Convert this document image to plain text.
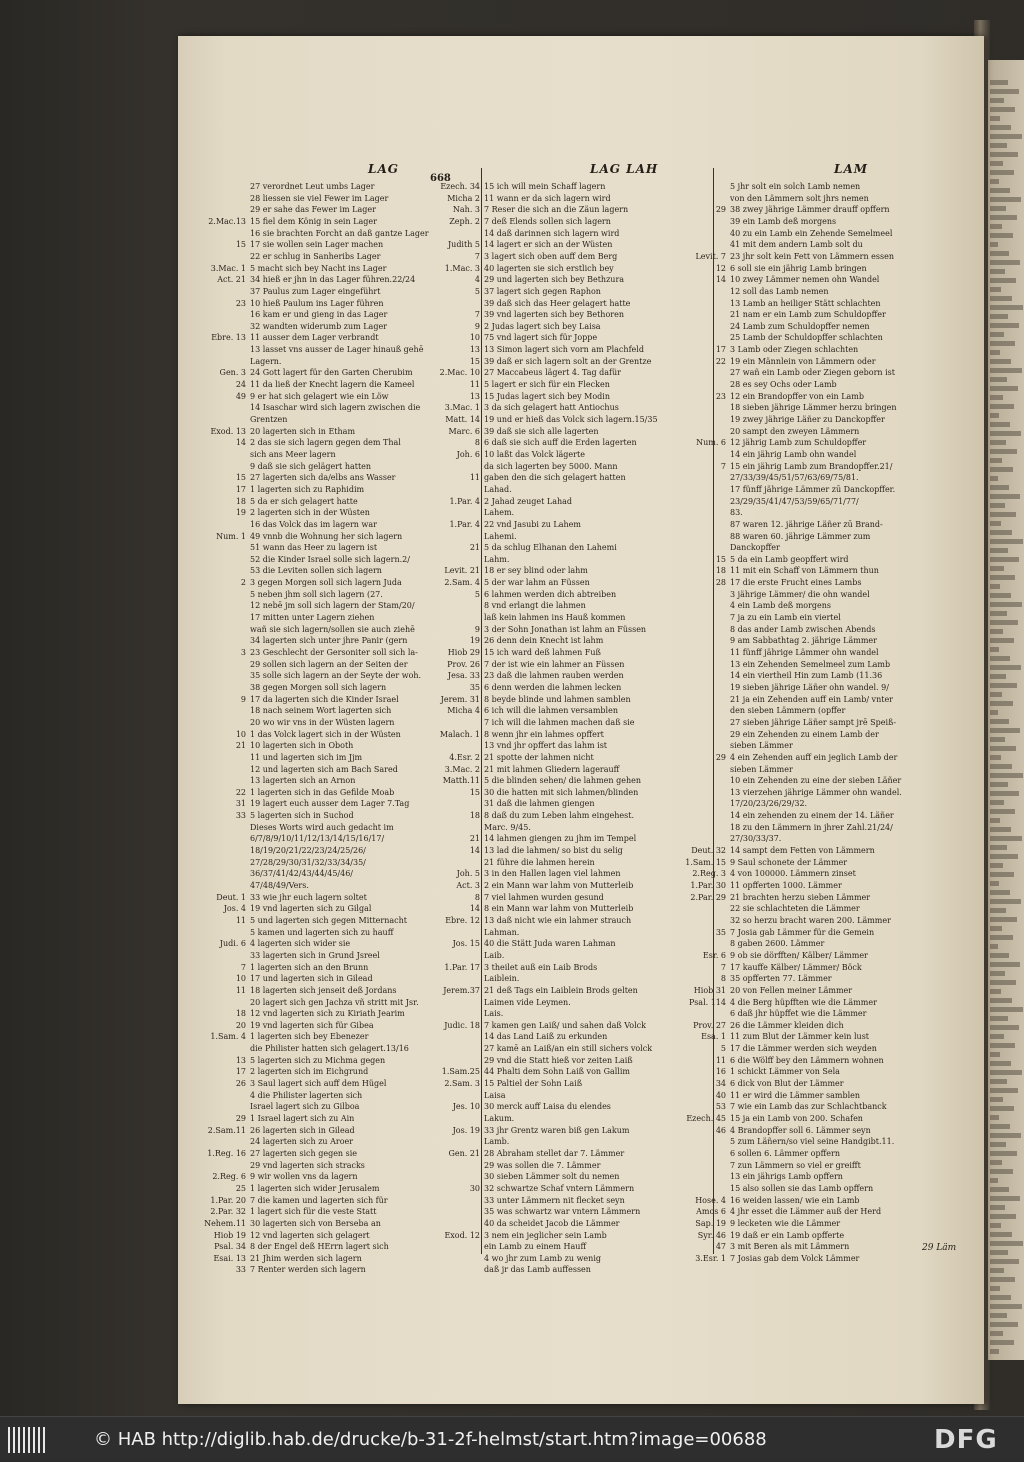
668
LAG	LAG LAH	LAM
27 verordnet Leut umbs Lager
28 liessen sie viel Fewer im Lager
29 er sahe das Fewer im Lager
2.Mac.13 15 fiel dem König in sein Lager
16 sie brachten Forcht an daß gantze Lager
15 17 sie wollen sein Lager machen
22 er schlug in Sanheribs Lager
3.Mac. 1 5 macht sich bey Nacht ins Lager
Act. 21 34 hieß er jhn in das Lager führen.22/24
37 Paulus zum Lager eingeführt
23 10 hieß Paulum ins Lager führen
16 kam er und gieng in das Lager
32 wandten widerumb zum Lager
Ebre. 13 11 ausser dem Lager verbrandt
13 lasset vns ausser de Lager hinauß gehē
Lagern.
Gen. 3 24 Gott lagert für den Garten Cherubim
24 11 da ließ der Knecht lagern die Kameel
49 9 er hat sich gelagert wie ein Löw
14 Isaschar wird sich lagern zwischen die
Grentzen
Exod. 13 20 lagerten sich in Etham
14 2 das sie sich lagern gegen dem Thal
sich ans Meer lagern
9 daß sie sich gelägert hatten
15 27 lagerten sich da/elbs ans Wasser
17 1 lagerten sich zu Raphidim
18 5 da er sich gelagert hatte
19 2 lagerten sich in der Wüsten
16 das Volck das im lagern war
Num. 1 49 vnnb die Wohnung her sich lagern
51 wann das Heer zu lagern ist
52 die Kinder Israel solle sich lagern.2/
53 die Leviten sollen sich lagern
2 3 gegen Morgen soll sich lagern Juda
5 neben jhm soll sich lagern (27.
12 nebē jm soll sich lagern der Stam/20/
17 mitten unter Lagern ziehen
wañ sie sich lagern/sollen sie auch ziehē
34 lagerten sich unter jhre Panir (gern
3 23 Geschlecht der Gersoniter soll sich la-
29 sollen sich lagern an der Seiten der
35 solle sich lagern an der Seyte der woh.
38 gegen Morgen soll sich lagern
9 17 da lagerten sich die Kinder Israel
18 nach seinem Wort lagerten sich
20 wo wir vns in der Wüsten lagern
10 1 das Volck lagert sich in der Wüsten
21 10 lagerten sich in Oboth
11 und lagerten sich im Jjm
12 und lagerten sich am Bach Sared
13 lagerten sich an Arnon
22 1 lagerten sich in das Gefilde Moab
31 19 lagert euch ausser dem Lager 7.Tag
33 5 lagerten sich in Suchod
Dieses Worts wird auch gedacht im
6/7/8/9/10/11/12/13/14/15/16/17/
18/19/20/21/22/23/24/25/26/
27/28/29/30/31/32/33/34/35/
36/37/41/42/43/44/45/46/
47/48/49/Vers.
Deut. 1 33 wie jhr euch lagern soltet
Jos. 4 19 vnd lagerten sich zu Gilgal
11 5 und lagerten sich gegen Mitternacht
5 kamen und lagerten sich zu hauff
Judi. 6 4 lagerten sich wider sie
33 lagerten sich in Grund Jsreel
7 1 lagerten sich an den Brunn
10 17 und lagerten sich in Gilead
11 18 lagerten sich jenseit deß Jordans
20 lagert sich gen Jachza vñ stritt mit Jsr.
18 12 vnd lagerten sich zu Kiriath Jearim
20 19 vnd lagerten sich für Gibea
1.Sam. 4 1 lagerten sich bey Ebenezer
die Philister hatten sich gelagert.13/16
13 5 lagerten sich zu Michma gegen
17 2 lagerten sich im Eichgrund
26 3 Saul lagert sich auff dem Hügel
4 die Philister lagerten sich
Israel lagert sich zu Gilboa
29 1 Israel lagert sich zu Ain
2.Sam.11 26 lagerten sich in Gilead
24 lagerten sich zu Aroer
1.Reg. 16 27 lagerten sich gegen sie
29 vnd lagerten sich stracks
2.Reg. 6 9 wir wollen vns da lagern
25 1 lagerten sich wider Jerusalem
1.Par. 20 7 die kamen und lagerten sich für
2.Par. 32 1 lagert sich für die veste Statt
Nehem.11 30 lagerten sich von Berseba an
Hiob 19 12 vnd lagerten sich gelagert
Psal. 34 8 der Engel deß HErrn lagert sich
Esai. 13 21 Jhim werden sich lagern
33 7 Renter werden sich lagern
Ezech. 34 15 ich will mein Schaff lagern
Micha 2 11 wann er da sich lagern wird
Nah. 3 7 Reser die sich an die Zäun lagern
Zeph. 2 7 deß Elends sollen sich lagern
14 daß darinnen sich lagern wird
Judith 5 14 lagert er sich an der Wüsten
7 3 lagert sich oben auff dem Berg
1.Mac. 3 40 lagerten sie sich erstlich bey
4 29 und lagerten sich bey Bethzura
5 37 lagert sich gegen Raphon
39 daß sich das Heer gelagert hatte
7 39 vnd lagerten sich bey Bethoren
9 2 Judas lagert sich bey Laisa
10 75 vnd lagert sich für Joppe
13 13 Simon lagert sich vorn am Plachfeld
15 39 daß er sich lagern solt an der Grentze
2.Mac. 10 27 Maccabeus lägert 4. Tag dafür
11 5 lagert er sich für ein Flecken
13 15 Judas lagert sich bey Modin
3.Mac. 1 3 da sich gelagert hatt Antiochus
Matt. 14 19 und er hieß das Volck sich lagern.15/35
Marc. 6 39 daß sie sich alle lagerten
8 6 daß sie sich auff die Erden lagerten
Joh. 6 10 laßt das Volck lägerte
da sich lagerten bey 5000. Mann
11 gaben den die sich gelagert hatten
Lahad.
1.Par. 4 2 Jahad zeuget Lahad
Lahem.
1.Par. 4 22 vnd Jasubi zu Lahem
Lahemi.
21 5 da schlug Elhanan den Lahemi
Lahm.
Levit. 21 18 er sey blind oder lahm
2.Sam. 4 5 der war lahm an Füssen
5 6 lahmen werden dich abtreiben
8 vnd erlangt die lahmen
laß kein lahmen ins Hauß kommen
9 3 der Sohn Jonathan ist lahm an Füssen
19 26 denn dein Knecht ist lahm
Hiob 29 15 ich ward deß lahmen Fuß
Prov. 26 7 der ist wie ein lahmer an Füssen
Jesa. 33 23 daß die lahmen rauben werden
35 6 denn werden die lahmen lecken
Jerem. 31 8 beyde blinde und lahmen samblen
Micha 4 6 ich will die lahmen versamblen
7 ich will die lahmen machen daß sie
Malach. 1 8 wenn jhr ein lahmes opffert
13 vnd jhr opffert das lahm ist
4.Esr. 2 21 spotte der lahmen nicht
3.Mac. 2 21 mit lahmen Gliedern lagerauff
Matth.11 5 die blinden sehen/ die lahmen gehen
15 30 die hatten mit sich lahmen/blinden
31 daß die lahmen giengen
18 8 daß du zum Leben lahm eingehest.
Marc. 9/45.
21 14 lahmen giengen zu jhm im Tempel
14 13 lad die lahmen/ so bist du selig
21 führe die lahmen herein
Joh. 5 3 in den Hallen lagen viel lahmen
Act. 3 2 ein Mann war lahm von Mutterleib
8 7 viel lahmen wurden gesund
14 8 ein Mann war lahm von Mutterleib
Ebre. 12 13 daß nicht wie ein lahmer strauch
Lahman.
Jos. 15 40 die Stätt Juda waren Lahman
Laib.
1.Par. 17 3 theilet auß ein Laib Brods
Laiblein.
Jerem.37 21 deß Tags ein Laiblein Brods gelten
Laimen vide Leymen.
Lais.
Judic. 18 7 kamen gen Laiß/ und sahen daß Volck
14 das Land Laiß zu erkunden
27 kamē an Laiß/an ein still sichers volck
29 vnd die Statt hieß vor zeiten Laiß
1.Sam.25 44 Phalti dem Sohn Laiß von Gallim
2.Sam. 3 15 Paltiel der Sohn Laiß
Laisa
Jes. 10 30 merck auff Laisa du elendes
Lakum.
Jos. 19 33 jhr Grentz waren biß gen Lakum
Lamb.
Gen. 21 28 Abraham stellet dar 7. Lämmer
29 was sollen die 7. Lämmer
30 sieben Lämmer solt du nemen
30 32 schwartze Schaf vntern Lämmern
33 unter Lämmern nit flecket seyn
35 was schwartz war vntern Lämmern
40 da scheidet Jacob die Lämmer
Exod. 12 3 nem ein jeglicher sein Lamb
ein Lamb zu einem Hauff
4 wo jhr zum Lamb zu wenig
daß jr das Lamb auffessen
5 jhr solt ein solch Lamb nemen
von den Lämmern solt jhrs nemen
29 38 zwey jährige Lämmer drauff opffern
39 ein Lamb deß morgens
40 zu ein Lamb ein Zehende Semelmeel
41 mit dem andern Lamb solt du
Levit. 7 23 jhr solt kein Fett von Lämmern essen
12 6 soll sie ein jährig Lamb bringen
14 10 zwey Lämmer nemen ohn Wandel
12 soll das Lamb nemen
13 Lamb an heiliger Stätt schlachten
21 nam er ein Lamb zum Schuldopffer
24 Lamb zum Schuldopffer nemen
25 Lamb der Schuldopffer schlachten
17 3 Lamb oder Ziegen schlachten
22 19 ein Männlein von Lämmern oder
27 wañ ein Lamb oder Ziegen geborn ist
28 es sey Ochs oder Lamb
23 12 ein Brandopffer von ein Lamb
18 sieben jährige Lämmer herzu bringen
19 zwey jährige Läñer zu Danckopffer
20 sampt den zweyen Lämmern
Num. 6 12 jährig Lamb zum Schuldopffer
14 ein jährig Lamb ohn wandel
7 15 ein jährig Lamb zum Brandopffer.21/
27/33/39/45/51/57/63/69/75/81.
17 fünff jährige Lämmer zū Danckopffer.
23/29/35/41/47/53/59/65/71/77/
83.
87 waren 12. jährige Läñer zū Brand-
88 waren 60. jährige Lämmer zum
Danckopffer
15 5 da ein Lamb geopffert wird
18 11 mit ein Schaff von Lämmern thun
28 17 die erste Frucht eines Lambs
3 jährige Lämmer/ die ohn wandel
4 ein Lamb deß morgens
7 ja zu ein Lamb ein viertel
8 das ander Lamb zwischen Abends
9 am Sabbathtag 2. jährige Lämmer
11 fünff jährige Lämmer ohn wandel
13 ein Zehenden Semelmeel zum Lamb
14 ein viertheil Hin zum Lamb (11.36
19 sieben jährige Läñer ohn wandel. 9/
21 ja ein Zehenden auff ein Lamb/ vnter
den sieben Lämmern (opffer
27 sieben jährige Läñer sampt jrē Speiß-
29 ein Zehenden zu einem Lamb der
sieben Lämmer
29 4 ein Zehenden auff ein jeglich Lamb der
sieben Lämmer
10 ein Zehenden zu eine der sieben Läñer
13 vierzehen jährige Lämmer ohn wandel.
17/20/23/26/29/32.
14 ein zehenden zu einem der 14. Läñer
18 zu den Lämmern in jhrer Zahl.21/24/
27/30/33/37.
Deut. 32 14 sampt dem Fetten von Lämmern
1.Sam. 15 9 Saul schonete der Lämmer
2.Reg. 3 4 von 100000. Lämmern zinset
1.Par. 30 11 opfferten 1000. Lämmer
2.Par. 29 21 brachten herzu sieben Lämmer
22 sie schlachteten die Lämmer
32 so herzu bracht waren 200. Lämmer
35 7 Josia gab Lämmer für die Gemein
8 gaben 2600. Lämmer
Esr. 6 9 ob sie dörfften/ Kälber/ Lämmer
7 17 kauffe Kälber/ Lämmer/ Böck
8 35 opfferten 77. Lämmer
Hiob 31 20 von Fellen meiner Lämmer
Psal. 114 4 die Berg hüpfften wie die Lämmer
6 daß jhr hüpffet wie die Lämmer
Prov. 27 26 die Lämmer kleiden dich
Esa. 1 11 zum Blut der Lämmer kein lust
5 17 die Lämmer werden sich weyden
11 6 die Wölff bey den Lämmern wohnen
16 1 schickt Lämmer von Sela
34 6 dick von Blut der Lämmer
40 11 er wird die Lämmer samblen
53 7 wie ein Lamb das zur Schlachtbanck
Ezech. 45 15 ja ein Lamb von 200. Schafen
46 4 Brandopffer soll 6. Lämmer seyn
5 zum Läñern/so viel seine Handgibt.11.
6 sollen 6. Lämmer opffern
7 zun Lämmern so viel er greifft
13 ein jährigs Lamb opffern
15 also sollen sie das Lamb opffern
Hose. 4 16 weiden lassen/ wie ein Lamb
Amos 6 4 jhr esset die Lämmer auß der Herd
Sap. 19 9 lecketen wie die Lämmer
Syr. 46 19 daß er ein Lamb opfferte
47 3 mit Beren als mit Lämmern
3.Esr. 1 7 Josias gab dem Volck Lämmer
29 Läm
© HAB http://diglib.hab.de/drucke/b-31-2f-helmst/start.htm?image=00688	DFG
